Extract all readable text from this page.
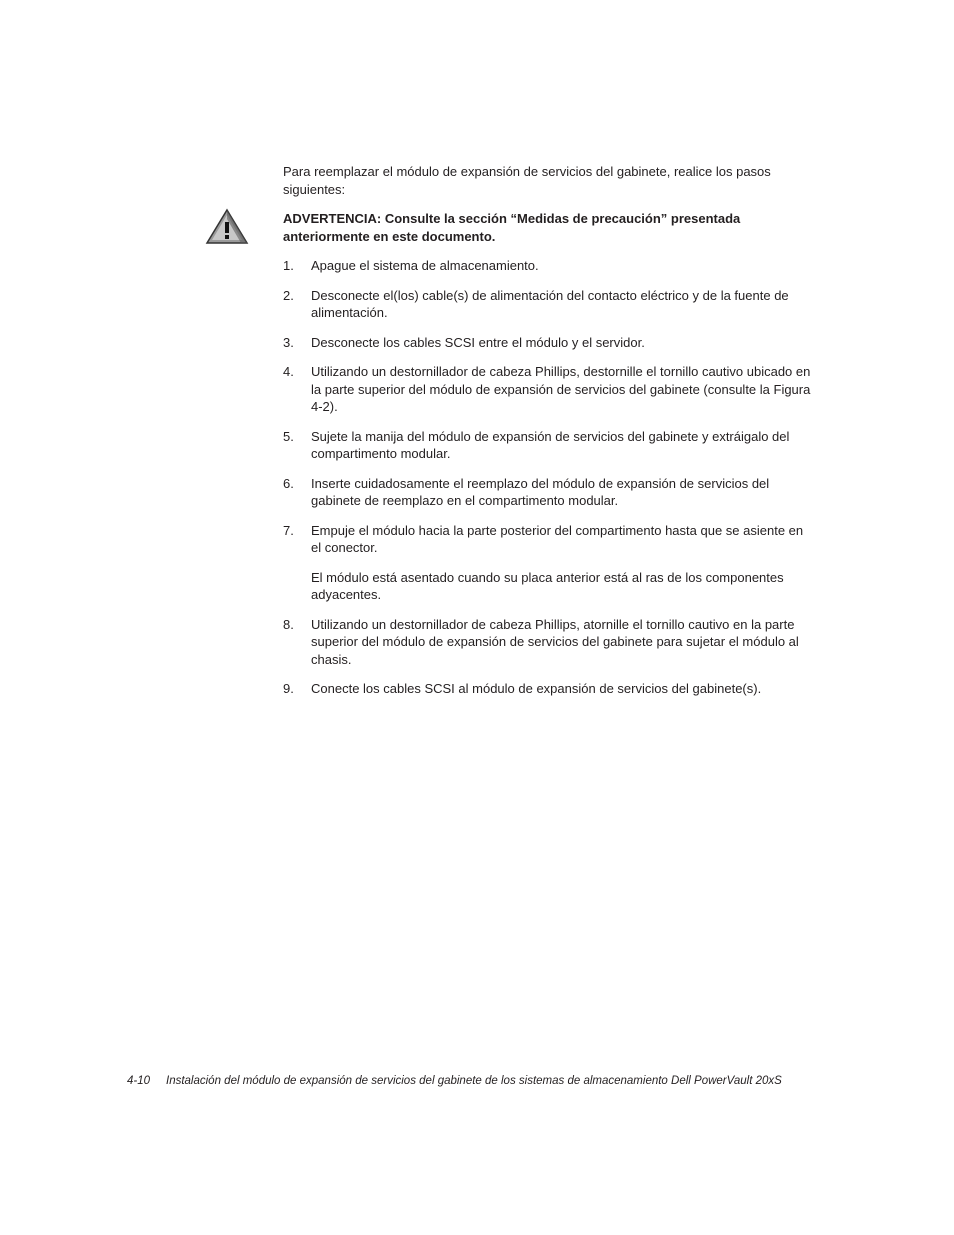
Para reemplazar el módulo de expansión de servicios del gabinete, realice los pasos siguientes:

ADVERTENCIA: Consulte la sección “Medidas de precaución” presentada anteriormente en este documento.

1. Apague el sistema de almacenamiento.
2. Desconecte el(los) cable(s) de alimentación del contacto eléctrico y de la fuente de alimentación.
3. Desconecte los cables SCSI entre el módulo y el servidor.
4. Utilizando un destornillador de cabeza Phillips, destornille el tornillo cautivo ubicado en la parte superior del módulo de expansión de servicios del gabinete (consulte la Figura 4-2).
5. Sujete la manija del módulo de expansión de servicios del gabinete y extráigalo del compartimento modular.
6. Inserte cuidadosamente el reemplazo del módulo de expansión de servicios del gabinete de reemplazo en el compartimento modular.
7. Empuje el módulo hacia la parte posterior del compartimento hasta que se asiente en el conector.
El módulo está asentado cuando su placa anterior está al ras de los componentes adyacentes.
8. Utilizando un destornillador de cabeza Phillips, atornille el tornillo cautivo en la parte superior del módulo de expansión de servicios del gabinete para sujetar el módulo al chasis.
9. Conecte los cables SCSI al módulo de expansión de servicios del gabinete(s).
4-10 Instalación del módulo de expansión de servicios del gabinete de los sistemas de almacenamiento Dell PowerVault 20xS
